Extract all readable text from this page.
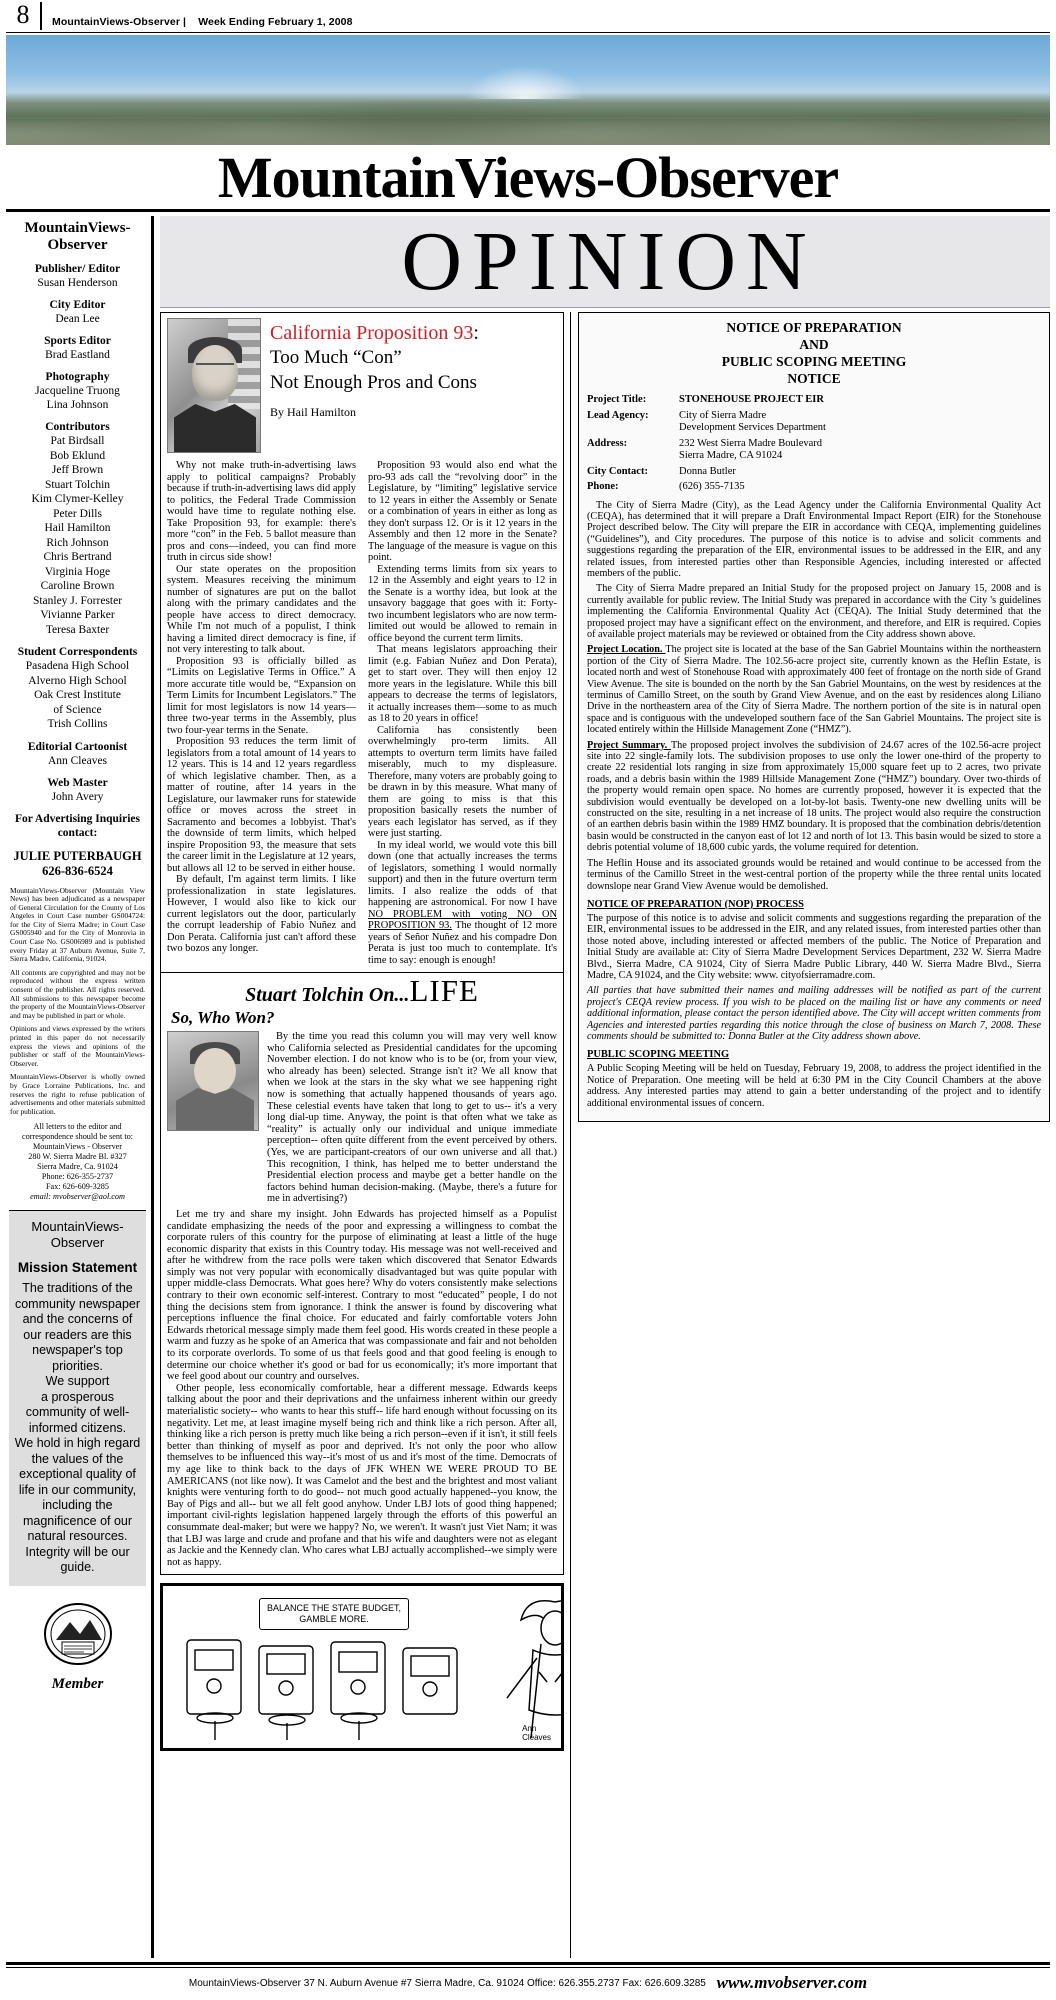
8	MountainViews-Observer | Week Ending February 1, 2008
MountainViews-Observer
MountainViews-
Observer
Publisher/ Editor
Susan Henderson
City Editor
Dean Lee
Sports Editor
Brad Eastland
Photography
Jacqueline Truong
Lina Johnson
Contributors
Pat Birdsall
Bob Eklund
Jeff Brown
Stuart Tolchin
Kim Clymer-Kelley
Peter Dills
Hail Hamilton
Rich Johnson
Chris Bertrand
Virginia Hoge
Caroline Brown
Stanley J. Forrester
Vivianne Parker
Teresa Baxter
Student Correspondents
Pasadena High School
Alverno High School
Oak Crest Institute
of Science
Trish Collins
Editorial Cartoonist
Ann Cleaves
Web Master
John Avery
For Advertising Inquiries contact:
JULIE PUTERBAUGH
626-836-6524

MountainViews-Observer (Mountain View News) has been adjudicated as a newspaper of General Circulation for the County of Los Angeles in Court Case number GS004724: for the City of Sierra Madre; in Court Case GS005940 and for the City of Monrovia in Court Case No. GS006989 and is published every Friday at 37 Auburn Avenue, Suite 7, Sierra Madre, California, 91024.

All contents are copyrighted and may not be reproduced without the express written consent of the publisher. All rights reserved. All submissions to this newspaper become the property of the MountainViews-Observer and may be published in part or whole.

Opinions and views expressed by the writers printed in this paper do not necessarily express the views and opinions of the publisher or staff of the MountainViews-Observer.

MountainViews-Observer is wholly owned by Grace Lorraine Publications, Inc. and reserves the right to refuse publication of advertisements and other materials submitted for publication.

All letters to the editor and correspondence should be sent to:
MountainViews - Observer
280 W. Sierra Madre Bl. #327
Sierra Madre, Ca. 91024
Phone: 626-355-2737
Fax: 626-609-3285
email: mvobserver@aol.com
MountainViews-
Observer
Mission Statement
The traditions of the community newspaper and the concerns of our readers are this newspaper's top priorities.
We support
a prosperous community of well-informed citizens.
We hold in high regard the values of the exceptional quality of life in our community,
including the magnificence of our natural resources.
Integrity will be our guide.
Member
OPINION
California Proposition 93:
Too Much “Con”
Not Enough Pros and Cons
By Hail Hamilton

Why not make truth-in-advertising laws apply to political campaigns? Probably because if truth-in-advertising laws did apply to politics, the Federal Trade Commission would have time to regulate nothing else. Take Proposition 93, for example: there's more “con” in the Feb. 5 ballot measure than pros and cons—indeed, you can find more truth in circus side show!

Our state operates on the proposition system. Measures receiving the minimum number of signatures are put on the ballot along with the primary candidates and the people have access to direct democracy. While I'm not much of a populist, I think having a limited direct democracy is fine, if not very interesting to talk about.

Proposition 93 is officially billed as “Limits on Legislative Terms in Office.” A more accurate title would be, “Expansion on Term Limits for Incumbent Legislators.” The limit for most legislators is now 14 years—three two-year terms in the Assembly, plus two four-year terms in the Senate.

Proposition 93 reduces the term limit of legislators from a total amount of 14 years to 12 years. This is 14 and 12 years regardless of which legislative chamber. Then, as a matter of routine, after 14 years in the Legislature, our lawmaker runs for statewide office or moves across the street in Sacramento and becomes a lobbyist. That's the downside of term limits, which helped inspire Proposition 93, the measure that sets the career limit in the Legislature at 12 years, but allows all 12 to be served in either house.

By default, I'm against term limits. I like professionalization in state legislatures. However, I would also like to kick our current legislators out the door, particularly the corrupt leadership of Fabio Nuñez and Don Perata. California just can't afford these two bozos any longer.

Proposition 93 would also end what the pro-93 ads call the “revolving door” in the Legislature, by “limiting” legislative service to 12 years in either the Assembly or Senate or a combination of years in either as long as they don't surpass 12. Or is it 12 years in the Assembly and then 12 more in the Senate? The language of the measure is vague on this point.

Extending terms limits from six years to 12 in the Assembly and eight years to 12 in the Senate is a worthy idea, but look at the unsavory baggage that goes with it: Forty-two incumbent legislators who are now term-limited out would be allowed to remain in office beyond the current term limits.

That means legislators approaching their limit (e.g. Fabian Nuñez and Don Perata), get to start over. They will then enjoy 12 more years in the legislature. While this bill appears to decrease the terms of legislators, it actually increases them—some to as much as 18 to 20 years in office!

California has consistently been overwhelmingly pro-term limits. All attempts to overturn term limits have failed miserably, much to my displeasure. Therefore, many voters are probably going to be drawn in by this measure. What many of them are going to miss is that this proposition basically resets the number of years each legislator has served, as if they were just starting.

In my ideal world, we would vote this bill down (one that actually increases the terms of legislators, something I would normally support) and then in the future overturn term limits. I also realize the odds of that happening are astronomical. For now I have NO PROBLEM with voting NO ON PROPOSITION 93. The thought of 12 more years of Señor Nuñez and his compadre Don Perata is just too much to contemplate. It's time to say: enough is enough!

Stuart Tolchin On...LIFE
So, Who Won?

By the time you read this column you will may very well know who California selected as Presidential candidates for the upcoming November election. I do not know who is to be (or, from your view, who already has been) selected. Strange isn't it? We all know that when we look at the stars in the sky what we see happening right now is something that actually happened thousands of years ago. These celestial events have taken that long to get to us-- it's a very long dial-up time. Anyway, the point is that often what we take as “reality” is actually only our individual and unique immediate perception-- often quite different from the event perceived by others. (Yes, we are participant-creators of our own universe and all that.) This recognition, I think, has helped me to better understand the Presidential election process and maybe get a better handle on the factors behind human decision-making. (Maybe, there's a future for me in advertising?)

Let me try and share my insight. John Edwards has projected himself as a Populist candidate emphasizing the needs of the poor and expressing a willingness to combat the corporate rulers of this country for the purpose of eliminating at least a little of the huge economic disparity that exists in this Country today. His message was not well-received and after he withdrew from the race polls were taken which discovered that Senator Edwards simply was not very popular with economically disadvantaged but was quite popular with upper middle-class Democrats. What goes here? Why do voters consistently make selections contrary to their own economic self-interest. Contrary to most “educated” people, I do not thing the decisions stem from ignorance. I think the answer is found by discovering what perceptions influence the final choice. For educated and fairly comfortable voters John Edwards rhetorical message simply made them feel good. His words created in these people a warm and fuzzy as he spoke of an America that was compassionate and fair and not beholden to its corporate overlords. To some of us that feels good and that good feeling is enough to determine our choice whether it's good or bad for us economically; it's more important that we feel good about our country and ourselves.

Other people, less economically comfortable, hear a different message. Edwards keeps talking about the poor and their deprivations and the unfairness inherent within our greedy materialistic society-- who wants to hear this stuff-- life hard enough without focussing on its negativity. Let me, at least imagine myself being rich and think like a rich person. After all, thinking like a rich person is pretty much like being a rich person--even if it isn't, it still feels better than thinking of myself as poor and deprived. It's not only the poor who allow themselves to be influenced this way--it's most of us and it's most of the time. Democrats of my age like to think back to the days of JFK WHEN WE WERE PROUD TO BE AMERICANS (not like now). It was Camelot and the best and the brightest and most valiant knights were venturing forth to do good-- not much good actually happened--you know, the Bay of Pigs and all-- but we all felt good anyhow. Under LBJ lots of good thing happened; important civil-rights legislation happened largely through the efforts of this powerful an consummate deal-maker; but were we happy? No, we weren't. It wasn't just Viet Nam; it was that LBJ was large and crude and profane and that his wife and daughters were not as elegant as Jackie and the Kennedy clan. Who cares what LBJ actually accomplished--we simply were not as happy.

BALANCE THE STATE BUDGET,
GAMBLE MORE.
Ann
Cleaves
NOTICE OF PREPARATION
AND
PUBLIC SCOPING MEETING
NOTICE
Project Title:	STONEHOUSE PROJECT EIR
Lead Agency:	City of Sierra Madre
Development Services Department
Address:	232 West Sierra Madre Boulevard
Sierra Madre, CA 91024
City Contact:	Donna Butler
Phone:	(626) 355-7135

The City of Sierra Madre (City), as the Lead Agency under the California Environmental Quality Act (CEQA), has determined that it will prepare a Draft Environmental Impact Report (EIR) for the Stonehouse Project described below. The City will prepare the EIR in accordance with CEQA, implementing guidelines (“Guidelines”), and City procedures. The purpose of this notice is to advise and solicit comments and suggestions regarding the preparation of the EIR, environmental issues to be addressed in the EIR, and any related issues, from interested parties other than Responsible Agencies, including interested or affected members of the public.

The City of Sierra Madre prepared an Initial Study for the proposed project on January 15, 2008 and is currently available for public review. The Initial Study was prepared in accordance with the City 's guidelines implementing the California Environmental Quality Act (CEQA). The Initial Study determined that the proposed project may have a significant effect on the environment, and therefore, and EIR is required. Copies of available project materials may be reviewed or obtained from the City address shown above.

Project Location. The project site is located at the base of the San Gabriel Mountains within the northeastern portion of the City of Sierra Madre. The 102.56-acre project site, currently known as the Heflin Estate, is located north and west of Stonehouse Road with approximately 400 feet of frontage on the north side of Grand View Avenue. The site is bounded on the north by the San Gabriel Mountains, on the west by residences at the terminus of Camillo Street, on the south by Grand View Avenue, and on the east by residences along Liliano Drive in the northeastern area of the City of Sierra Madre. The northern portion of the site is in natural open space and is contiguous with the undeveloped southern face of the San Gabriel Mountains. The project site is located entirely within the Hillside Management Zone (“HMZ”).

Project Summary. The proposed project involves the subdivision of 24.67 acres of the 102.56-acre project site into 22 single-family lots. The subdivision proposes to use only the lower one-third of the property to create 22 residential lots ranging in size from approximately 15,000 square feet up to 2 acres, two private roads, and a debris basin within the 1989 Hillside Management Zone (“HMZ”) boundary. Over two-thirds of the property would remain open space. No homes are currently proposed, however it is expected that the subdivision would eventually be developed on a lot-by-lot basis. Twenty-one new dwelling units will be constructed on the site, resulting in a net increase of 18 units. The project would also require the construction of an earthen debris basin within the 1989 HMZ boundary. It is proposed that the combination debris/detention basin would be constructed in the canyon east of lot 12 and north of lot 13. This basin would be sized to store a debris potential volume of 18,600 cubic yards, the volume required for detention.

The Heflin House and its associated grounds would be retained and would continue to be accessed from the terminus of the Camillo Street in the west-central portion of the property while the three rental units located downslope near Grand View Avenue would be demolished.

NOTICE OF PREPARATION (NOP) PROCESS

The purpose of this notice is to advise and solicit comments and suggestions regarding the preparation of the EIR, environmental issues to be addressed in the EIR, and any related issues, from interested parties other than those noted above, including interested or affected members of the public. The Notice of Preparation and Initial Study are available at: City of Sierra Madre Development Services Department, 232 W. Sierra Madre Blvd., Sierra Madre, CA 91024, City of Sierra Madre Public Library, 440 W. Sierra Madre Blvd., Sierra Madre, CA 91024, and the City website: www. cityofsierramadre.com.

All parties that have submitted their names and mailing addresses will be notified as part of the current project's CEQA review process. If you wish to be placed on the mailing list or have any comments or need additional information, please contact the person identified above. The City will accept written comments from Agencies and interested parties regarding this notice through the close of business on March 7, 2008. These comments should be submitted to: Donna Butler at the City address shown above.

PUBLIC SCOPING MEETING

A Public Scoping Meeting will be held on Tuesday, February 19, 2008, to address the project identified in the Notice of Preparation. One meeting will be held at 6:30 PM in the City Council Chambers at the above address. Any interested parties may attend to gain a better understanding of the project and to identify additional environmental issues of concern.

MountainViews-Observer 37 N. Auburn Avenue #7 Sierra Madre, Ca. 91024 Office: 626.355.2737 Fax: 626.609.3285 www.mvobserver.com
